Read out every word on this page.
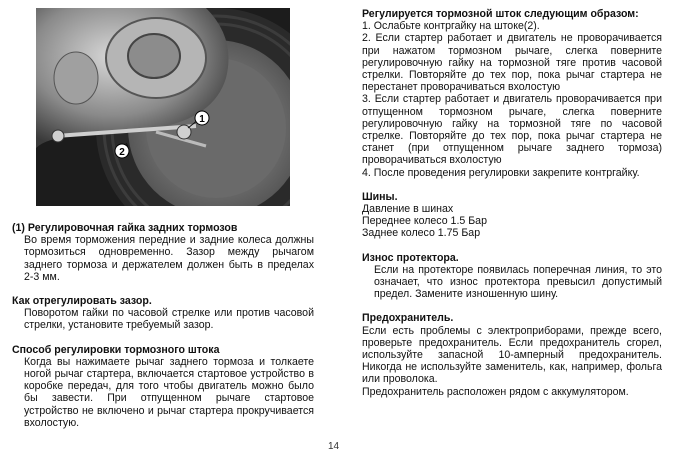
1
2

(1) Регулировочная гайка задних тормозов

Во время торможения передние и задние колеса должны тормозиться одновременно. Зазор между рычагом заднего тормоза и держателем должен быть в пределах 2-3 мм.

Как отрегулировать зазор.

Поворотом гайки по часовой стрелке или против часовой стрелки, установите требуемый зазор.

Способ регулировки тормозного штока

Когда вы нажимаете рычаг заднего тормоза и толкаете ногой рычаг стартера, включается стартовое устройство в коробке передач, для того чтобы двигатель можно было бы завести. При отпущенном рычаге стартовое устройство не включено и рычаг стартера прокручивается вхолостую.

Регулируется тормозной шток следующим образом:

1. Ослабьте контргайку на штоке(2).

2. Если стартер работает и двигатель не проворачивается при нажатом тормозном рычаге, слегка поверните регулировочную гайку на тормозной тяге против часовой стрелки. Повторяйте до тех пор, пока рычаг стартера не перестанет проворачиваться вхолостую

3. Если стартер работает и двигатель проворачивается при отпущенном тормозном рычаге, слегка поверните регулировочную гайку на тормозной тяге по часовой стрелке. Повторяйте до тех пор, пока рычаг стартера не станет (при отпущенном рычаге заднего тормоза) проворачиваться вхолостую

4. После проведения регулировки закрепите контргайку.

Шины.

Давление в шинах

Переднее колесо 1.5 Бар

Заднее колесо 1.75 Бар

Износ протектора.

Если на протекторе появилась поперечная линия, то это означает, что износ протектора превысил допустимый предел. Замените изношенную шину.

Предохранитель.

Если есть проблемы с электроприборами, прежде всего, проверьте предохранитель. Если предохранитель сгорел, используйте запасной 10-амперный предохранитель. Никогда не используйте заменитель, как, например, фольга или проволока.

Предохранитель расположен рядом с аккумулятором.

14
